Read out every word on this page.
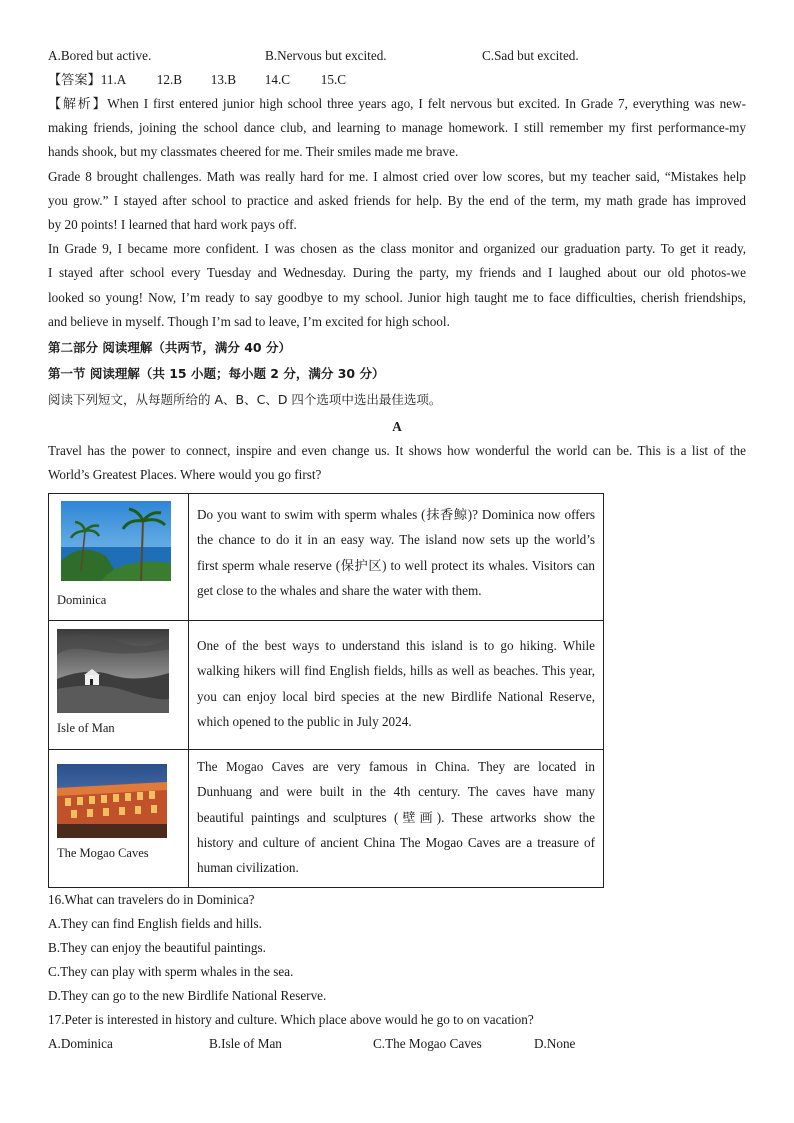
A.Bored but active.	B.Nervous but excited.	C.Sad but excited.
【答案】11.A 12.B 13.B 14.C 15.C
【解析】When I first entered junior high school three years ago, I felt nervous but excited. In Grade 7, everything was new-
making friends, joining the school dance club, and learning to manage homework. I still remember my first performance-my
hands shook, but my classmates cheered for me. Their smiles made me brave.
Grade 8 brought challenges. Math was really hard for me. I almost cried over low scores, but my teacher said, “Mistakes help
you grow.” I stayed after school to practice and asked friends for help. By the end of the term, my math grade has improved
by 20 points! I learned that hard work pays off.
In Grade 9, I became more confident. I was chosen as the class monitor and organized our graduation party. To get it ready,
I stayed after school every Tuesday and Wednesday. During the party, my friends and I laughed about our old photos-we
looked so young! Now, I’m ready to say goodbye to my school. Junior high taught me to face difficulties, cherish friendships,
and believe in myself. Though I’m sad to leave, I’m excited for high school.
第二部分 阅读理解（共两节，满分 40 分）
第一节 阅读理解（共 15 小题；每小题 2 分，满分 30 分）
阅读下列短文，从每题所给的 A、B、C、D 四个选项中选出最佳选项。
A
Travel has the power to connect, inspire and even change us. It shows how wonderful the world can be. This is a list of the
World’s Greatest Places. Where would you go first?
Dominica	Do you want to swim with sperm whales (抹香鲸)? Dominica now offers
the chance to do it in an easy way. The island now sets up the world’s
first sperm whale reserve (保护区) to well protect its whales. Visitors can
get close to the whales and share the water with them.

Isle of Man	One of the best ways to understand this island is to go hiking. While
walking hikers will find English fields, hills as well as beaches. This year,
you can enjoy local bird species at the new Birdlife National Reserve,
which opened to the public in July 2024.

The Mogao Caves	The Mogao Caves are very famous in China. They are located in
Dunhuang and were built in the 4th century. The caves have many
beautiful paintings and sculptures (壁画). These artworks show the
history and culture of ancient China The Mogao Caves are a treasure of
human civilization.
16.What can travelers do in Dominica?
A.They can find English fields and hills.
B.They can enjoy the beautiful paintings.
C.They can play with sperm whales in the sea.
D.They can go to the new Birdlife National Reserve.
17.Peter is interested in history and culture. Which place above would he go to on vacation?
A.Dominica	B.Isle of Man	C.The Mogao Caves	D.None
